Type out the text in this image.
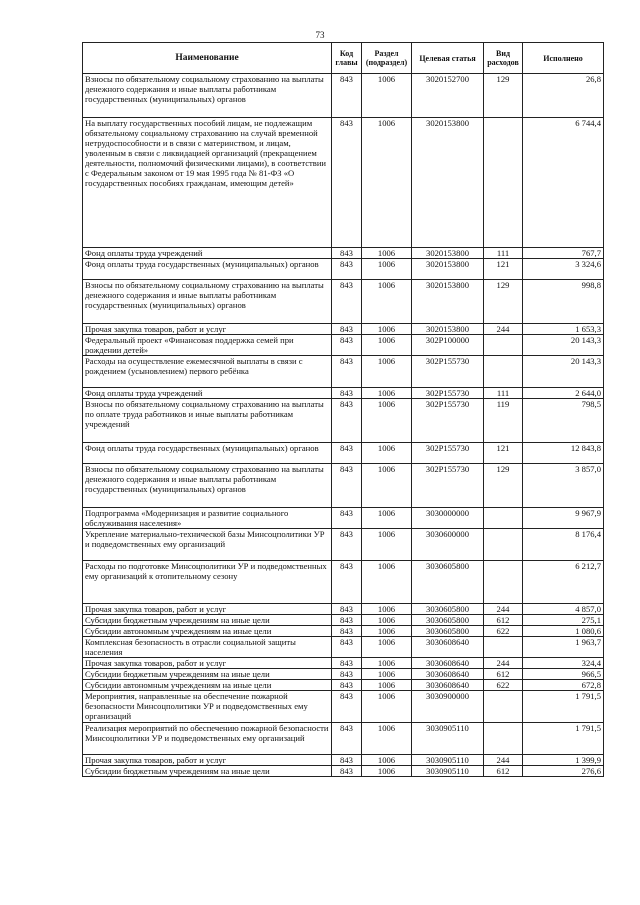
73
Наименование	Код главы	Раздел (подраздел)	Целевая статья	Вид расходов	Исполнено
Взносы по обязательному социальному страхованию на выплаты денежного содержания и иные выплаты работникам государственных (муниципальных) органов	843	1006	3020152700	129	26,8
На выплату государственных пособий лицам, не подлежащим обязательному социальному страхованию на случай временной нетрудоспособности и в связи с материнством, и лицам, уволенным в связи с ликвидацией организаций (прекращением деятельности, полномочий физическими лицами), в соответствии с Федеральным законом от 19 мая 1995 года № 81-ФЗ «О государственных пособиях гражданам, имеющим детей»	843	1006	3020153800		6 744,4
Фонд оплаты труда учреждений	843	1006	3020153800	111	767,7
Фонд оплаты труда государственных (муниципальных) органов	843	1006	3020153800	121	3 324,6
Взносы по обязательному социальному страхованию на выплаты денежного содержания и иные выплаты работникам государственных (муниципальных) органов	843	1006	3020153800	129	998,8
Прочая закупка товаров, работ и услуг	843	1006	3020153800	244	1 653,3
Федеральный проект «Финансовая поддержка семей при рождении детей»	843	1006	302P100000		20 143,3
Расходы на осуществление ежемесячной выплаты в связи с рождением (усыновлением) первого ребёнка	843	1006	302P155730		20 143,3
Фонд оплаты труда учреждений	843	1006	302P155730	111	2 644,0
Взносы по обязательному социальному страхованию на выплаты по оплате труда работников и иные выплаты работникам учреждений	843	1006	302P155730	119	798,5
Фонд оплаты труда государственных (муниципальных) органов	843	1006	302P155730	121	12 843,8
Взносы по обязательному социальному страхованию на выплаты денежного содержания и иные выплаты работникам государственных (муниципальных) органов	843	1006	302P155730	129	3 857,0
Подпрограмма «Модернизация и развитие социального обслуживания населения»	843	1006	3030000000		9 967,9
Укрепление материально-технической базы Минсоцполитики УР и подведомственных ему организаций	843	1006	3030600000		8 176,4
Расходы по подготовке Минсоцполитики УР и подведомственных ему организаций к отопительному сезону	843	1006	3030605800		6 212,7
Прочая закупка товаров, работ и услуг	843	1006	3030605800	244	4 857,0
Субсидии бюджетным учреждениям на иные цели	843	1006	3030605800	612	275,1
Субсидии автономным учреждениям на иные цели	843	1006	3030605800	622	1 080,6
Комплексная безопасность в отрасли социальной защиты населения	843	1006	3030608640		1 963,7
Прочая закупка товаров, работ и услуг	843	1006	3030608640	244	324,4
Субсидии бюджетным учреждениям на иные цели	843	1006	3030608640	612	966,5
Субсидии автономным учреждениям на иные цели	843	1006	3030608640	622	672,8
Мероприятия, направленные на обеспечение пожарной безопасности Минсоцполитики УР и подведомственных ему организаций	843	1006	3030900000		1 791,5
Реализация мероприятий по обеспечению пожарной безопасности Минсоцполитики УР и подведомственных ему организаций	843	1006	3030905110		1 791,5
Прочая закупка товаров, работ и услуг	843	1006	3030905110	244	1 399,9
Субсидии бюджетным учреждениям на иные цели	843	1006	3030905110	612	276,6
